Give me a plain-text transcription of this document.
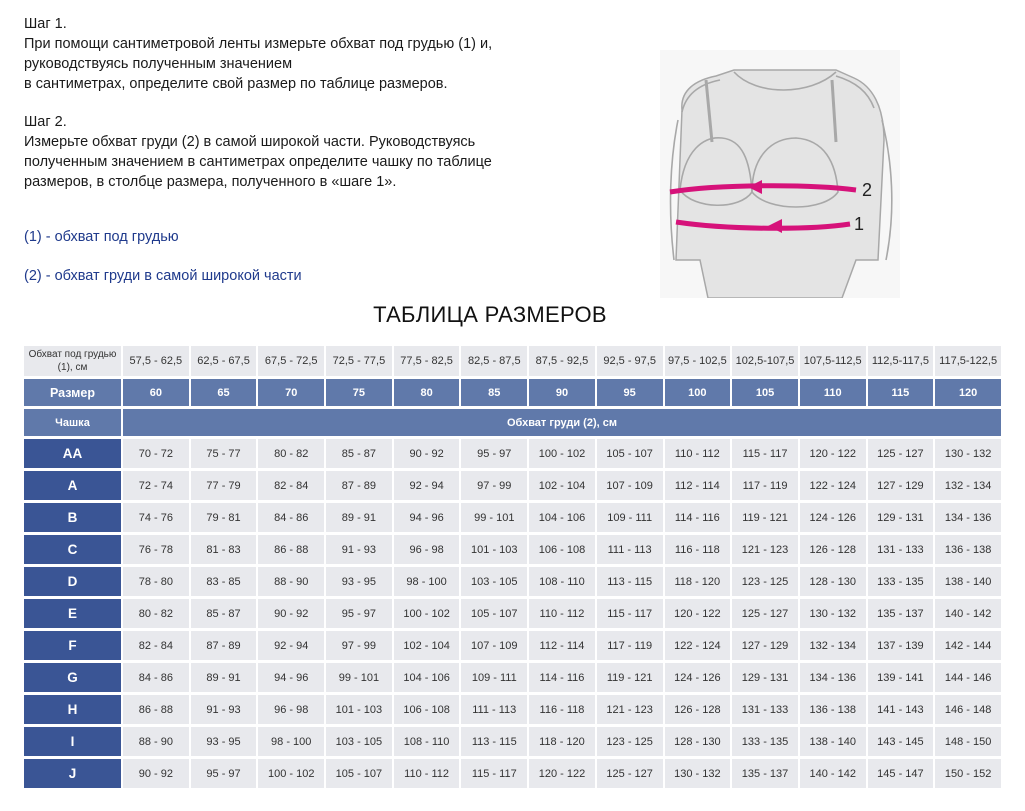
Шаг 1.

При помощи сантиметровой ленты измерьте обхват под грудью (1) и,

руководствуясь полученным значением

в сантиметрах, определите свой размер по таблице размеров.

Шаг 2.

Измерьте обхват груди (2) в самой широкой части. Руководствуясь

полученным значением в сантиметрах определите чашку по таблице

размеров, в столбце размера, полученного в «шаге 1».

(1) - обхват под грудью
(2) - обхват груди в самой широкой части
2
1
ТАБЛИЦА РАЗМЕРОВ
Обхват под грудью (1), см	57,5 - 62,5	62,5 - 67,5	67,5 - 72,5	72,5 - 77,5	77,5 - 82,5	82,5 - 87,5	87,5 - 92,5	92,5 - 97,5	97,5 - 102,5	102,5-107,5	107,5-112,5	112,5-117,5	117,5-122,5
Размер	60	65	70	75	80	85	90	95	100	105	110	115	120
Чашка	Обхват груди (2), см												
AA	70 - 72	75 - 77	80 - 82	85 - 87	90 - 92	95 - 97	100 - 102	105 - 107	110 - 112	115 - 117	120 - 122	125 - 127	130 - 132
A	72 - 74	77 - 79	82 - 84	87 - 89	92 - 94	97 - 99	102 - 104	107 - 109	112 - 114	117 - 119	122 - 124	127 - 129	132 - 134
B	74 - 76	79 - 81	84 - 86	89 - 91	94 - 96	99 - 101	104 - 106	109 - 111	114 - 116	119 - 121	124 - 126	129 - 131	134 - 136
C	76 - 78	81 - 83	86 - 88	91 - 93	96 - 98	101 - 103	106 - 108	111 - 113	116 - 118	121 - 123	126 - 128	131 - 133	136 - 138
D	78 - 80	83 - 85	88 - 90	93 - 95	98 - 100	103 - 105	108 - 110	113 - 115	118 - 120	123 - 125	128 - 130	133 - 135	138 - 140
E	80 - 82	85 - 87	90 - 92	95 - 97	100 - 102	105 - 107	110 - 112	115 - 117	120 - 122	125 - 127	130 - 132	135 - 137	140 - 142
F	82 - 84	87 - 89	92 - 94	97 - 99	102 - 104	107 - 109	112 - 114	117 - 119	122 - 124	127 - 129	132 - 134	137 - 139	142 - 144
G	84 - 86	89 - 91	94 - 96	99 - 101	104 - 106	109 - 111	114 - 116	119 - 121	124 - 126	129 - 131	134 - 136	139 - 141	144 - 146
H	86 - 88	91 - 93	96 - 98	101 - 103	106 - 108	111 - 113	116 - 118	121 - 123	126 - 128	131 - 133	136 - 138	141 - 143	146 - 148
I	88 - 90	93 - 95	98 - 100	103 - 105	108 - 110	113 - 115	118 - 120	123 - 125	128 - 130	133 - 135	138 - 140	143 - 145	148 - 150
J	90 - 92	95 - 97	100 - 102	105 - 107	110 - 112	115 - 117	120 - 122	125 - 127	130 - 132	135 - 137	140 - 142	145 - 147	150 - 152
